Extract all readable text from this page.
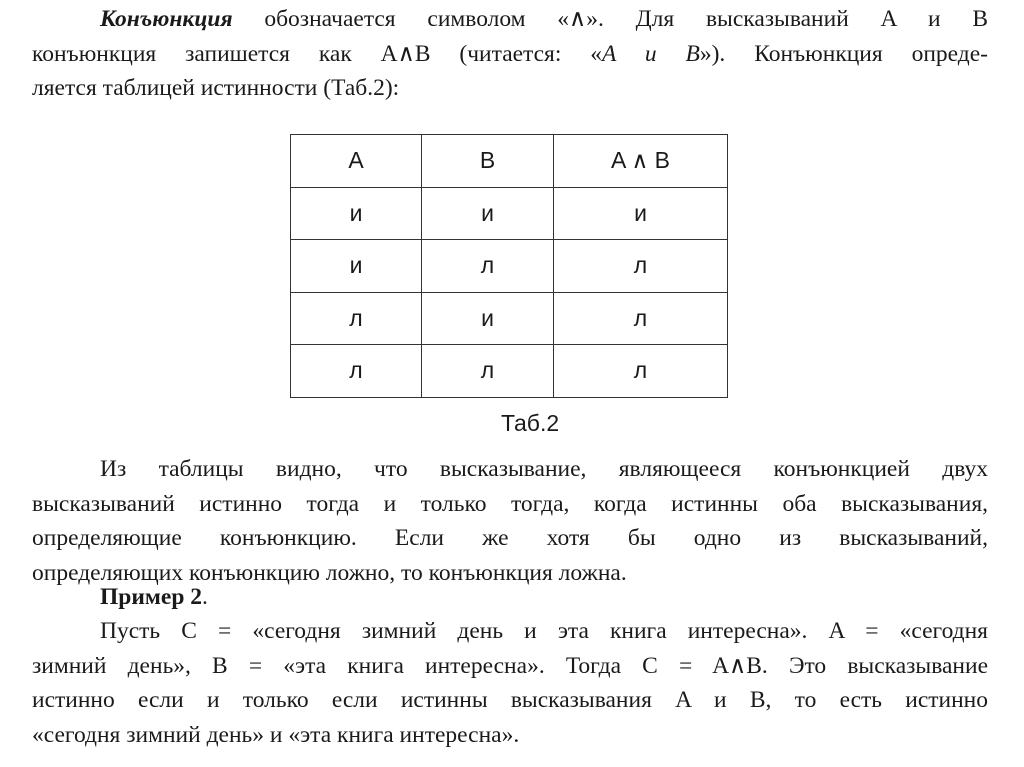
Конъюнкция обозначается символом «∧». Для высказываний A и B
конъюнкция запишется как A∧B (читается: «A и B»). Конъюнкция опреде-
ляется таблицей истинности (Таб.2):

A	B	A ∧ B
и	и	и
и	л	л
л	и	л
л	л	л
Таб.2

Из таблицы видно, что высказывание, являющееся конъюнкцией двух
высказываний истинно тогда и только тогда, когда истинны оба высказывания,
определяющие конъюнкцию. Если же хотя бы одно из высказываний,
определяющих конъюнкцию ложно, то конъюнкция ложна.

Пример 2.

Пусть C = «сегодня зимний день и эта книга интересна». A = «сегодня
зимний день», B = «эта книга интересна». Тогда C = A∧B. Это высказывание
истинно если и только если истинны высказывания A и B, то есть истинно
«сегодня зимний день» и «эта книга интересна».
